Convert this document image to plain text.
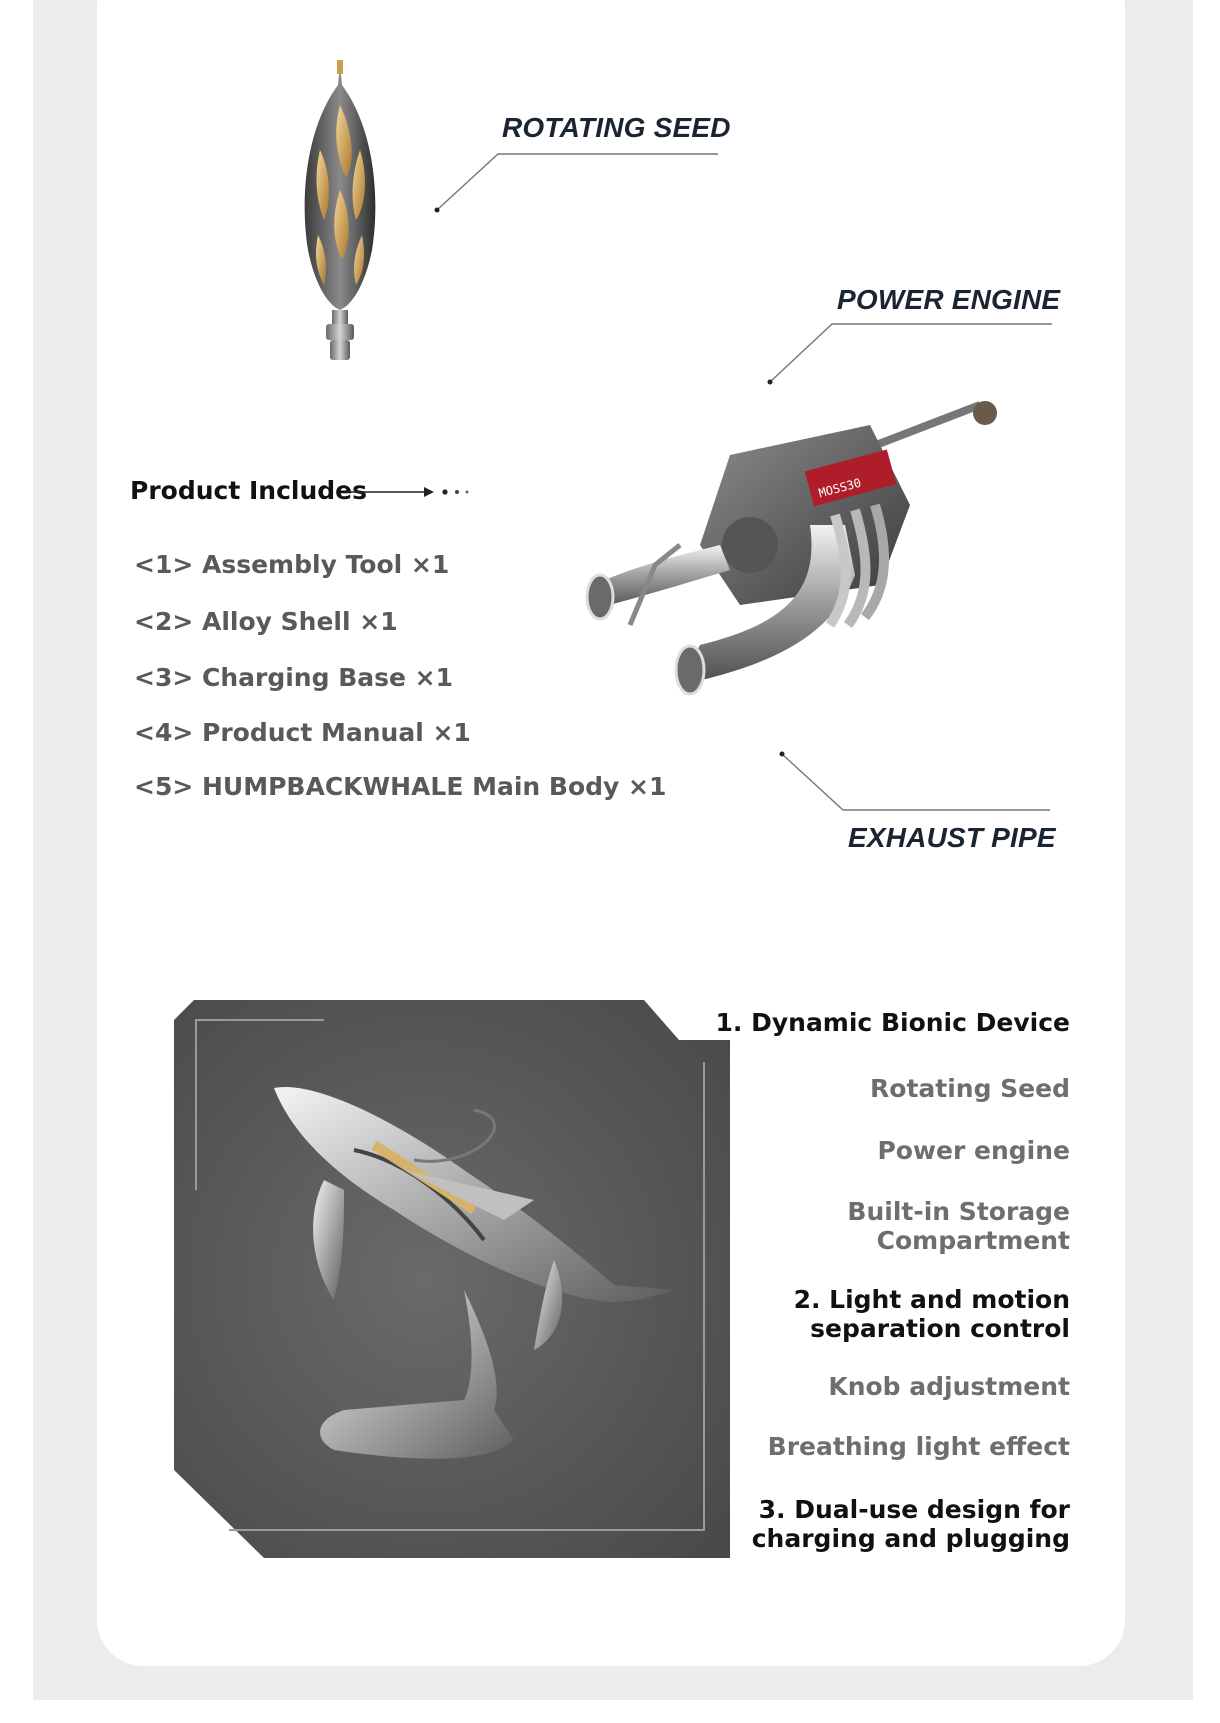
ROTATING SEED
POWER ENGINE
EXHAUST PIPE
MOSS30
Product Includes
<1> Assembly Tool ×1
<2> Alloy Shell ×1
<3> Charging Base ×1
<4> Product Manual ×1
<5> HUMPBACKWHALE Main Body ×1
1. Dynamic Bionic Device
Rotating Seed
Power engine
Built-in Storage
Compartment
2. Light and motion
separation control
Knob adjustment
Breathing light effect
3. Dual-use design for
charging and plugging
